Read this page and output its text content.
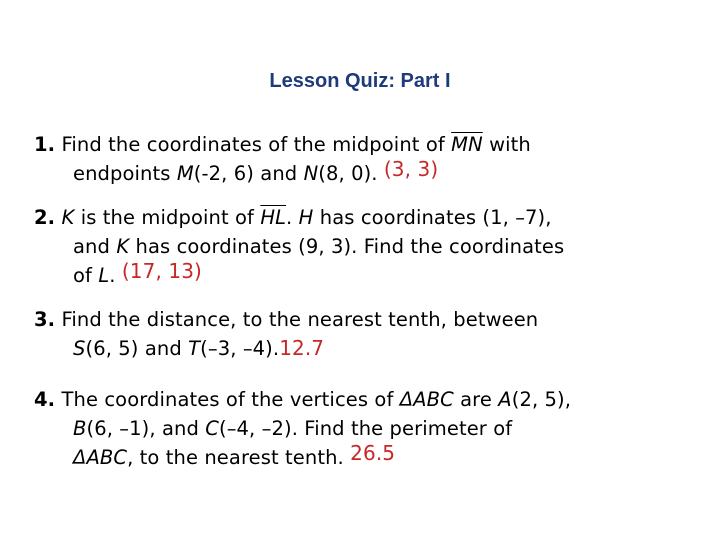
Lesson Quiz: Part I
1. Find the coordinates of the midpoint of $\overline{MN}$ with
endpoints M(-2, 6) and N(8, 0). (3, 3)
2. K is the midpoint of $\overline{HL}$. H has coordinates (1, –7),
and K has coordinates (9, 3). Find the coordinates
of L. (17, 13)
3. Find the distance, to the nearest tenth, between
S(6, 5) and T(–3, –4).12.7
4. The coordinates of the vertices of ΔABC are A(2, 5),
B(6, –1), and C(–4, –2). Find the perimeter of
ΔABC, to the nearest tenth. 26.5
